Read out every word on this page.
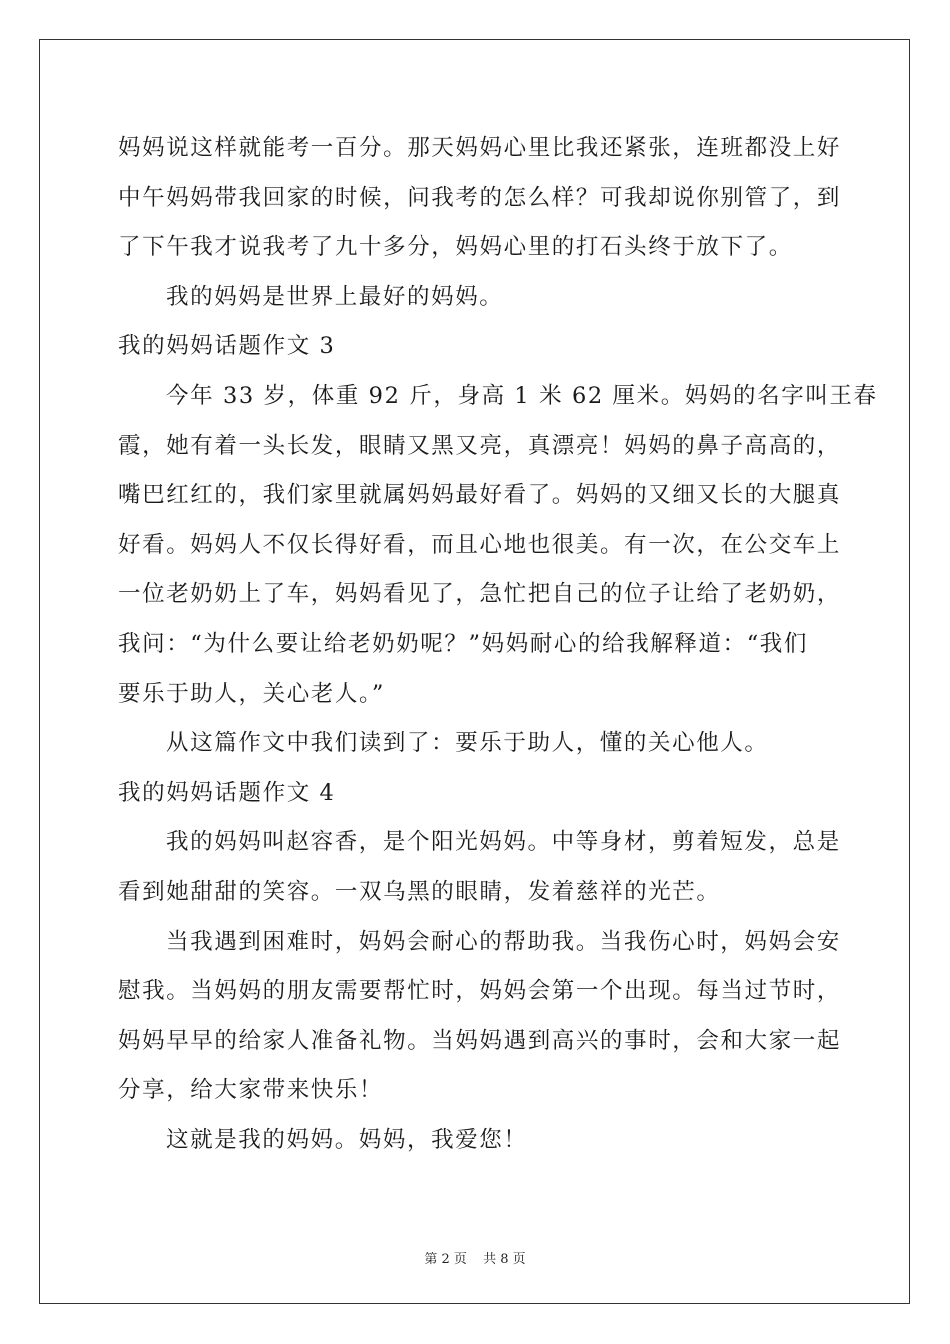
妈妈说这样就能考一百分。那天妈妈心里比我还紧张，连班都没上好
中午妈妈带我回家的时候，问我考的怎么样？可我却说你别管了，到
了下午我才说我考了九十多分，妈妈心里的打石头终于放下了。
我的妈妈是世界上最好的妈妈。
我的妈妈话题作文 3
今年 33 岁，体重 92 斤，身高 1 米 62 厘米。妈妈的名字叫王春
霞，她有着一头长发，眼睛又黑又亮，真漂亮！妈妈的鼻子高高的，
嘴巴红红的，我们家里就属妈妈最好看了。妈妈的又细又长的大腿真
好看。妈妈人不仅长得好看，而且心地也很美。有一次，在公交车上
一位老奶奶上了车，妈妈看见了，急忙把自己的位子让给了老奶奶，
我问：“为什么要让给老奶奶呢？”妈妈耐心的给我解释道：“我们
要乐于助人，关心老人。”
从这篇作文中我们读到了：要乐于助人，懂的关心他人。
我的妈妈话题作文 4
我的妈妈叫赵容香，是个阳光妈妈。中等身材，剪着短发，总是
看到她甜甜的笑容。一双乌黑的眼睛，发着慈祥的光芒。
当我遇到困难时，妈妈会耐心的帮助我。当我伤心时，妈妈会安
慰我。当妈妈的朋友需要帮忙时，妈妈会第一个出现。每当过节时，
妈妈早早的给家人准备礼物。当妈妈遇到高兴的事时，会和大家一起
分享，给大家带来快乐！
这就是我的妈妈。妈妈，我爱您！
第 2 页 共 8 页
